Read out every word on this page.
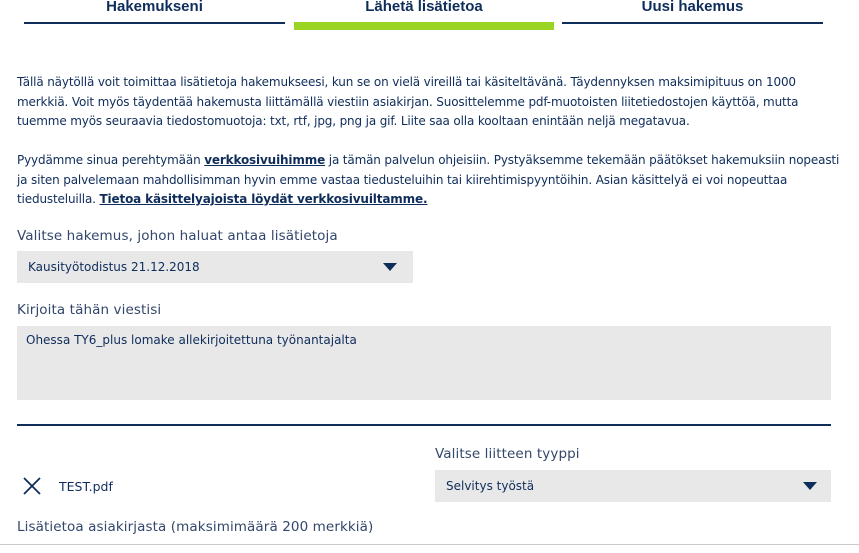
Hakemukseni	Lähetä lisätietoa	Uusi hakemus
Tällä näytöllä voit toimittaa lisätietoja hakemukseesi, kun se on vielä vireillä tai käsiteltävänä. Täydennyksen maksimipituus on 1000 merkkiä. Voit myös täydentää hakemusta liittämällä viestiin asiakirjan. Suosittelemme pdf-muotoisten liitetiedostojen käyttöä, mutta tuemme myös seuraavia tiedostomuotoja: txt, rtf, jpg, png ja gif. Liite saa olla kooltaan enintään neljä megatavua.
Pyydämme sinua perehtymään verkkosivuihimme ja tämän palvelun ohjeisiin. Pystyäksemme tekemään päätökset hakemuksiin nopeasti ja siten palvelemaan mahdollisimman hyvin emme vastaa tiedusteluihin tai kiirehtimispyyntöihin. Asian käsittelyä ei voi nopeuttaa tiedusteluilla. Tietoa käsittelyajoista löydät verkkosivuiltamme.
Valitse hakemus, johon haluat antaa lisätietoja
Kausityötodistus 21.12.2018
Kirjoita tähän viestisi
Ohessa TY6_plus lomake allekirjoitettuna työnantajalta
TEST.pdf
Valitse liitteen tyyppi
Selvitys työstä
Lisätietoa asiakirjasta (maksimimäärä 200 merkkiä)
